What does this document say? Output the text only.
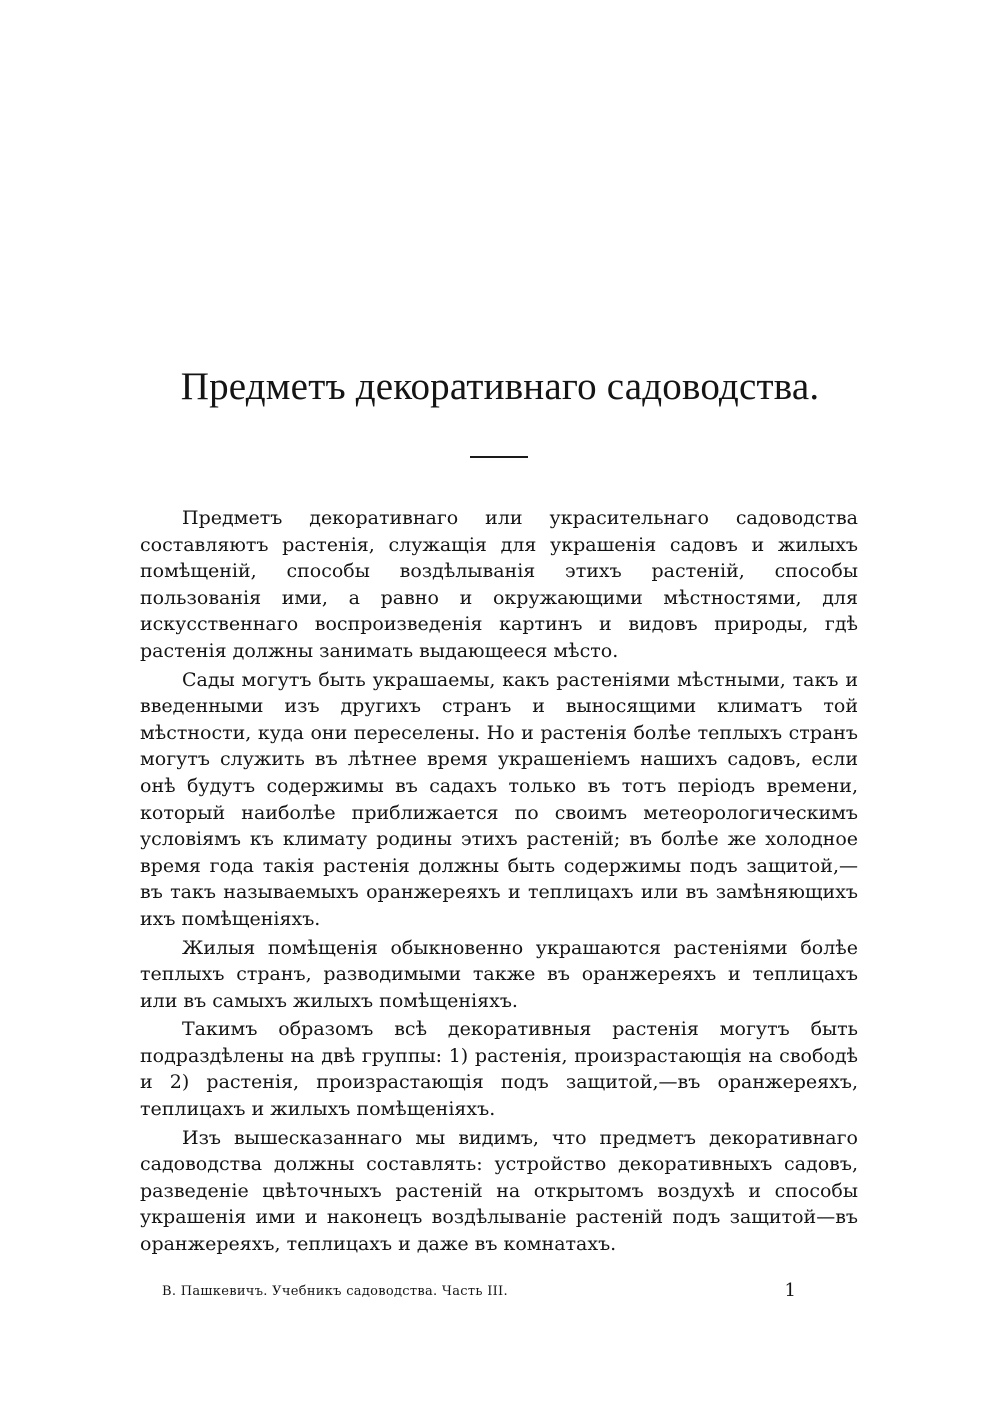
Предметъ декоративнаго садоводства.

Предметъ декоративнаго или украсительнаго садоводства составляютъ растенія, служащія для украшенія садовъ и жилыхъ помѣщеній, способы воздѣлыванія этихъ растеній, способы пользованія ими, а равно и окружающими мѣстностями, для искусственнаго воспроизведенія картинъ и видовъ природы, гдѣ растенія должны занимать выдающееся мѣсто.

Сады могутъ быть украшаемы, какъ растеніями мѣстными, такъ и введенными изъ другихъ странъ и выносящими климатъ той мѣстности, куда они переселены. Но и растенія болѣе теплыхъ странъ могутъ служить въ лѣтнее время украшеніемъ нашихъ садовъ, если онѣ будутъ содержимы въ садахъ только въ тотъ періодъ времени, который наиболѣе приближается по своимъ метеорологическимъ условіямъ къ климату родины этихъ растеній; въ болѣе же холодное время года такія растенія должны быть содержимы подъ защитой,—въ такъ называемыхъ оранжереяхъ и теплицахъ или въ замѣняющихъ ихъ помѣщеніяхъ.

Жилыя помѣщенія обыкновенно украшаются растеніями болѣе теплыхъ странъ, разводимыми также въ оранжереяхъ и теплицахъ или въ самыхъ жилыхъ помѣщеніяхъ.

Такимъ образомъ всѣ декоративныя растенія могутъ быть подраздѣлены на двѣ группы: 1) растенія, произрастающія на свободѣ и 2) растенія, произрастающія подъ защитой,—въ оранжереяхъ, теплицахъ и жилыхъ помѣщеніяхъ.

Изъ вышесказаннаго мы видимъ, что предметъ декоративнаго садоводства должны составлять: устройство декоративныхъ садовъ, разведеніе цвѣточныхъ растеній на открытомъ воздухѣ и способы украшенія ими и наконецъ воздѣлываніе растеній подъ защитой—въ оранжереяхъ, теплицахъ и даже въ комнатахъ.

В. Пашкевичъ. Учебникъ садоводства. Часть III.	1
